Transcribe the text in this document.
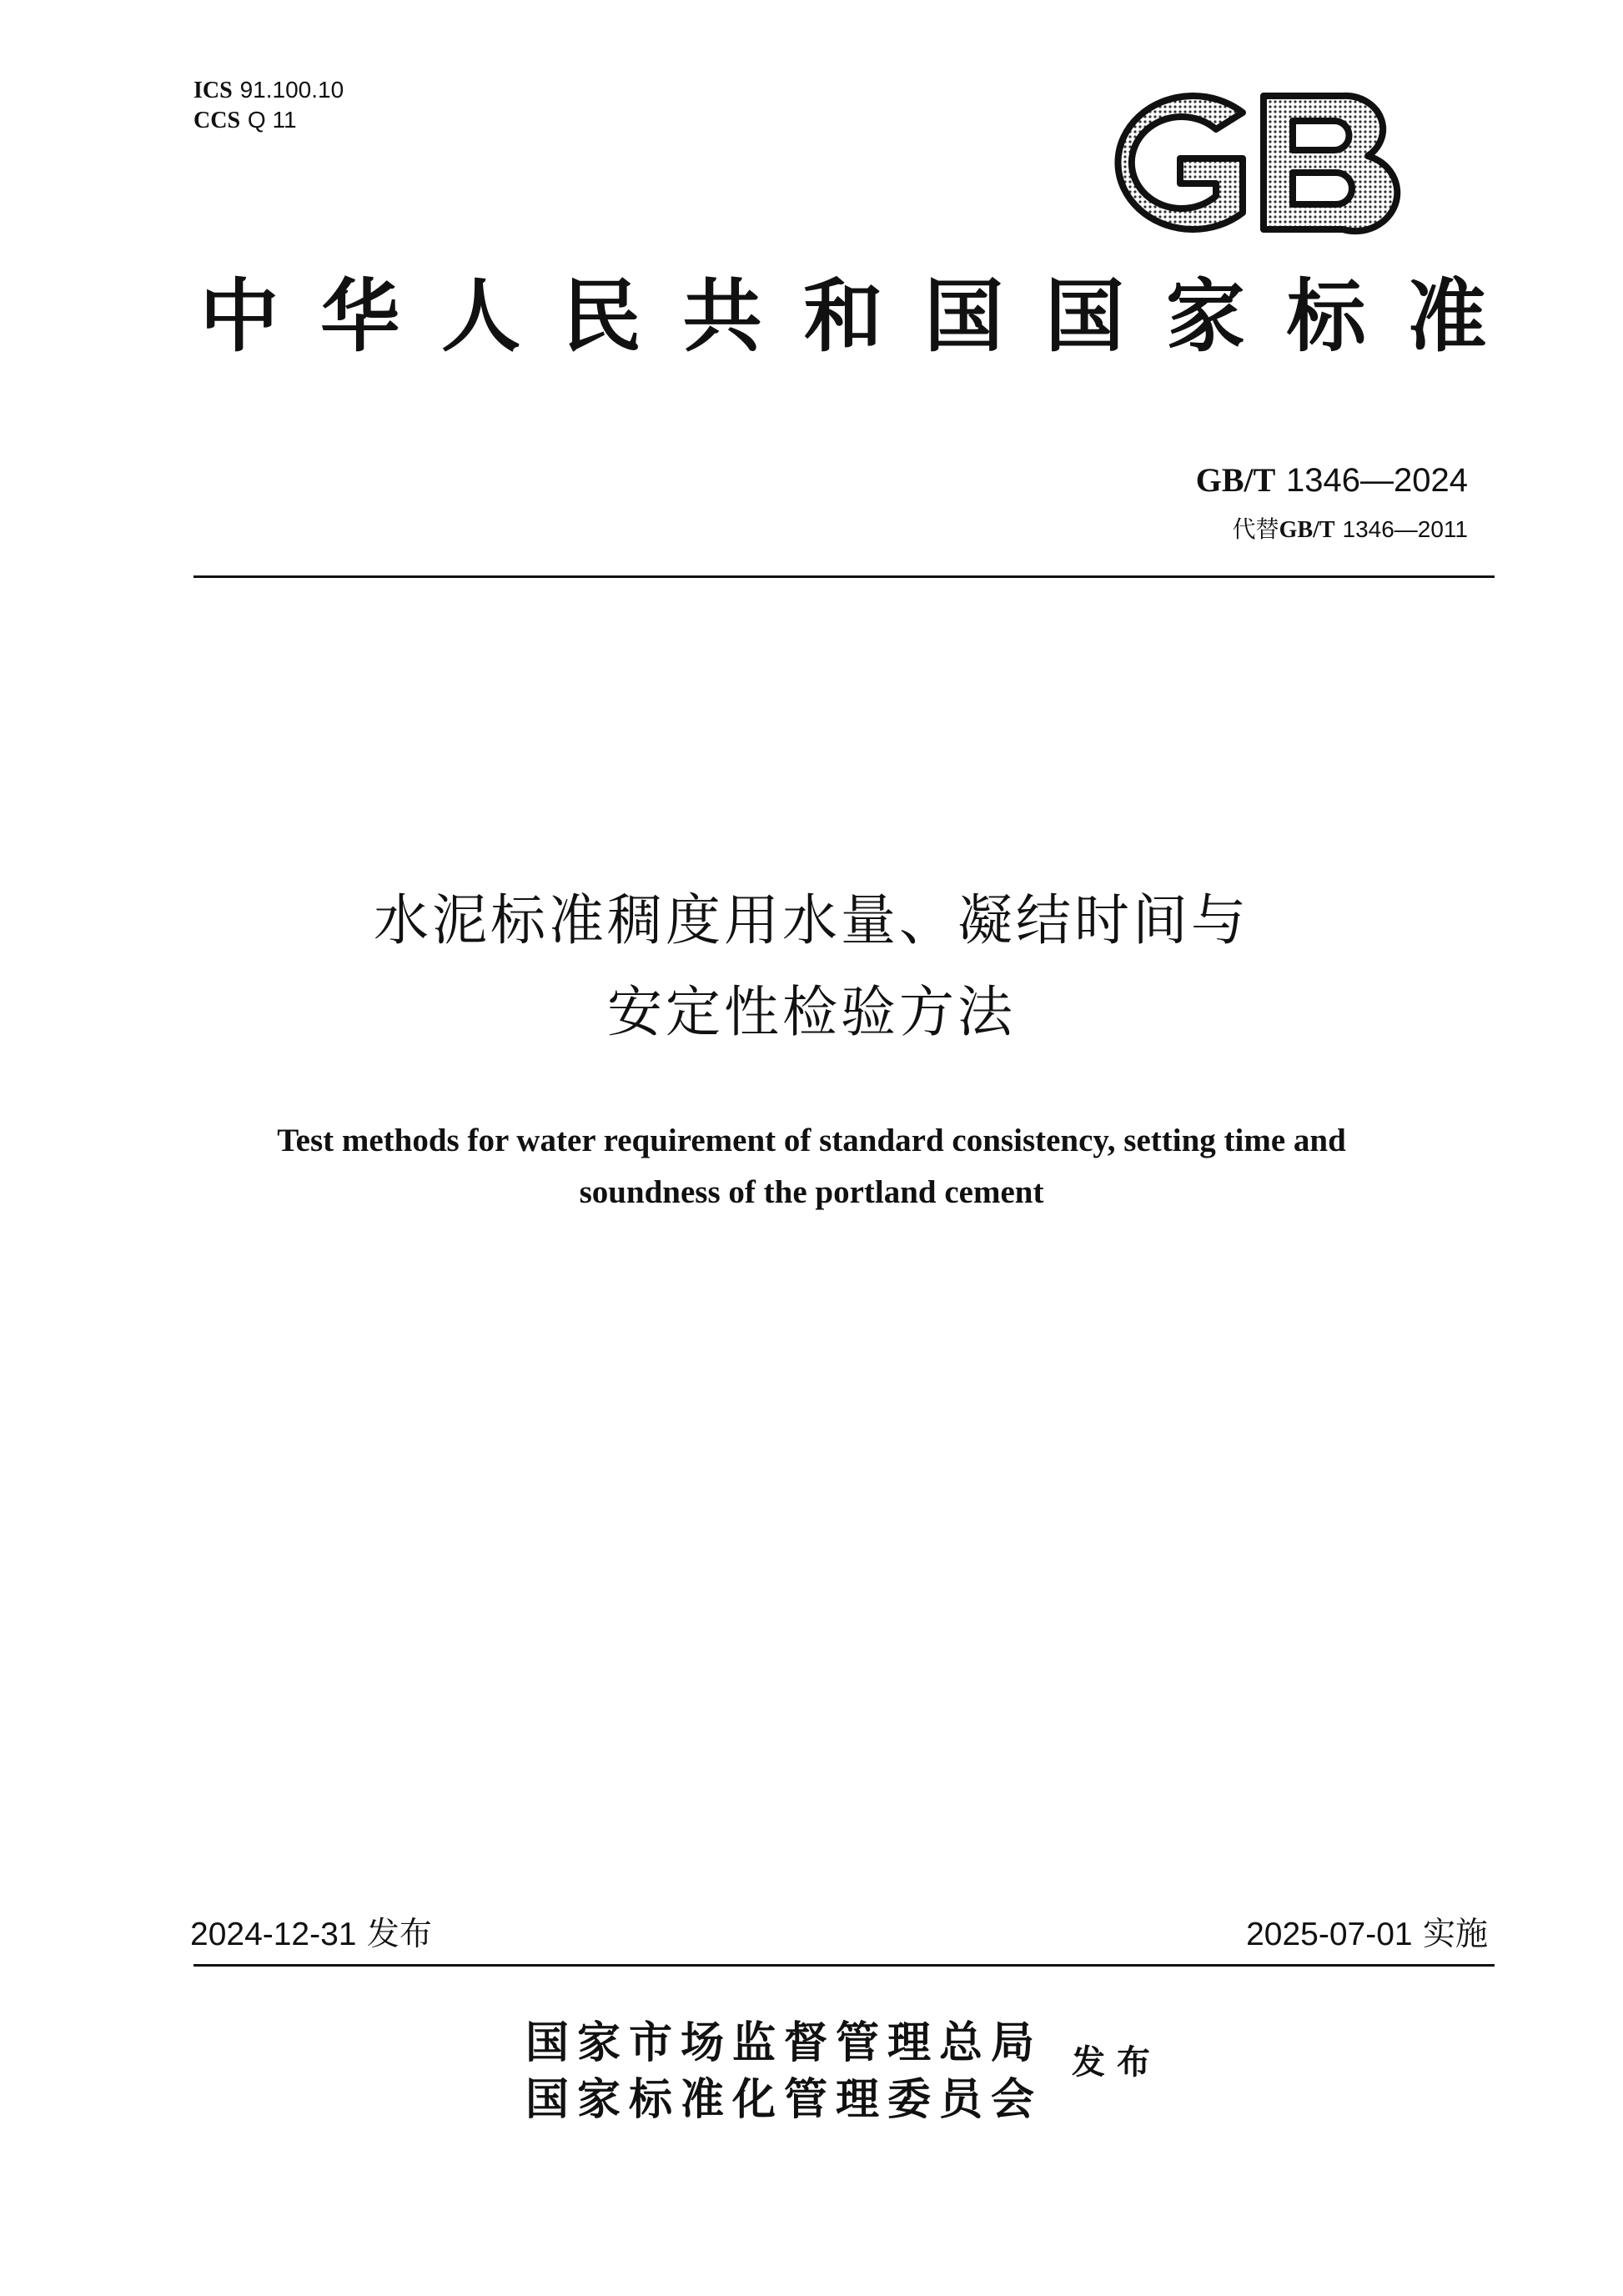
ICS 91.100.10
CCS Q 11
中 华 人 民 共 和 国 国 家 标 准
GB/T 1346—2024
代替GB/T 1346—2011
水泥标准稠度用水量、凝结时间与
安定性检验方法
Test methods for water requirement of standard consistency, setting time and
soundness of the portland cement
2024-12-31 发布	2025-07-01 实施
国家市场监督管理总局
国家标准化管理委员会
发布
